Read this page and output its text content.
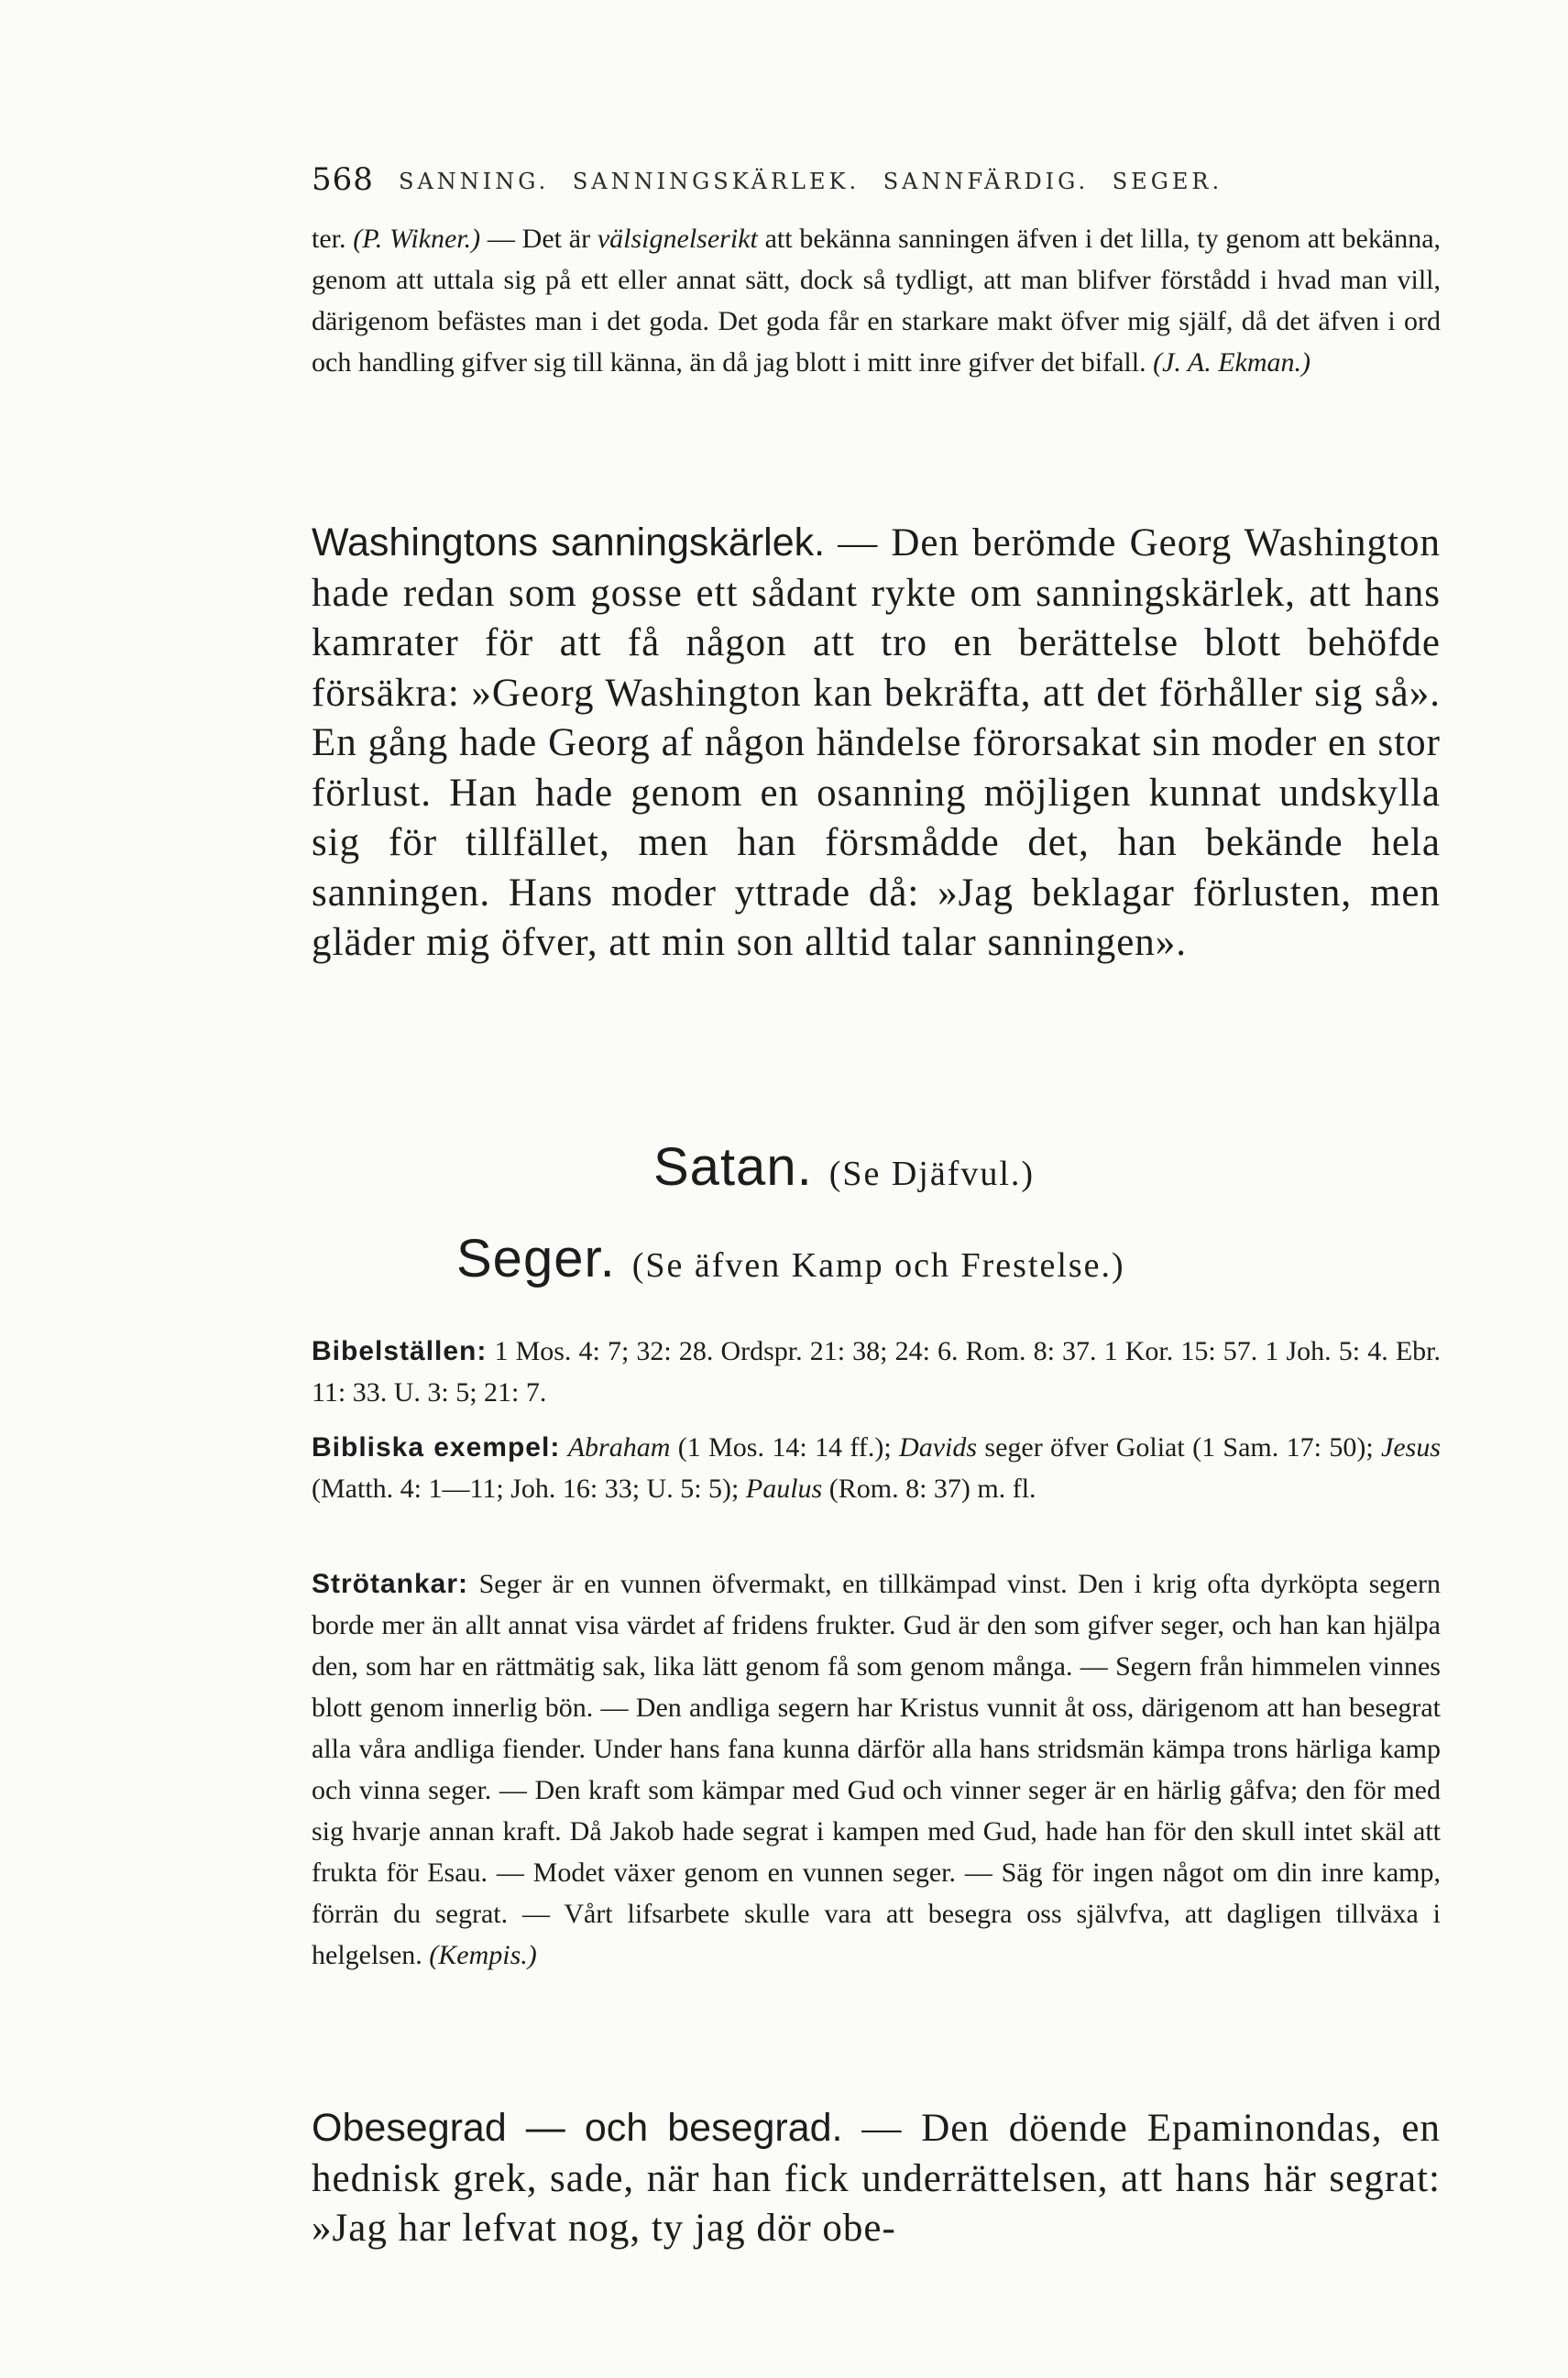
568 SANNING. SANNINGSKÄRLEK. SANNFÄRDIG. SEGER.

ter. (P. Wikner.) — Det är välsignelserikt att bekänna sanningen äfven i det lilla, ty genom att bekänna, genom att uttala sig på ett eller annat sätt, dock så tydligt, att man blifver förstådd i hvad man vill, därigenom befästes man i det goda. Det goda får en starkare makt öfver mig själf, då det äfven i ord och handling gifver sig till känna, än då jag blott i mitt inre gifver det bifall. (J. A. Ekman.)

Washingtons sanningskärlek. — Den berömde Georg Washington hade redan som gosse ett sådant rykte om sanningskärlek, att hans kamrater för att få någon att tro en berättelse blott behöfde försäkra: »Georg Washington kan bekräfta, att det förhåller sig så». En gång hade Georg af någon händelse förorsakat sin moder en stor förlust. Han hade genom en osanning möjligen kunnat undskylla sig för tillfället, men han försmådde det, han bekände hela sanningen. Hans moder yttrade då: »Jag beklagar förlusten, men gläder mig öfver, att min son alltid talar sanningen».

Satan. (Se Djäfvul.)
Seger. (Se äfven Kamp och Frestelse.)

Bibelställen: 1 Mos. 4: 7; 32: 28. Ordspr. 21: 38; 24: 6. Rom. 8: 37. 1 Kor. 15: 57. 1 Joh. 5: 4. Ebr. 11: 33. U. 3: 5; 21: 7.

Bibliska exempel: Abraham (1 Mos. 14: 14 ff.); Davids seger öfver Goliat (1 Sam. 17: 50); Jesus (Matth. 4: 1—11; Joh. 16: 33; U. 5: 5); Paulus (Rom. 8: 37) m. fl.

Strötankar: Seger är en vunnen öfvermakt, en tillkämpad vinst. Den i krig ofta dyrköpta segern borde mer än allt annat visa värdet af fridens frukter. Gud är den som gifver seger, och han kan hjälpa den, som har en rättmätig sak, lika lätt genom få som genom många. — Segern från himmelen vinnes blott genom innerlig bön. — Den andliga segern har Kristus vunnit åt oss, därigenom att han besegrat alla våra andliga fiender. Under hans fana kunna därför alla hans stridsmän kämpa trons härliga kamp och vinna seger. — Den kraft som kämpar med Gud och vinner seger är en härlig gåfva; den för med sig hvarje annan kraft. Då Jakob hade segrat i kampen med Gud, hade han för den skull intet skäl att frukta för Esau. — Modet växer genom en vunnen seger. — Säg för ingen något om din inre kamp, förrän du segrat. — Vårt lifsarbete skulle vara att besegra oss självfva, att dagligen tillväxa i helgelsen. (Kempis.)

Obesegrad — och besegrad. — Den döende Epaminondas, en hednisk grek, sade, när han fick underrättelsen, att hans här segrat: »Jag har lefvat nog, ty jag dör obe-
